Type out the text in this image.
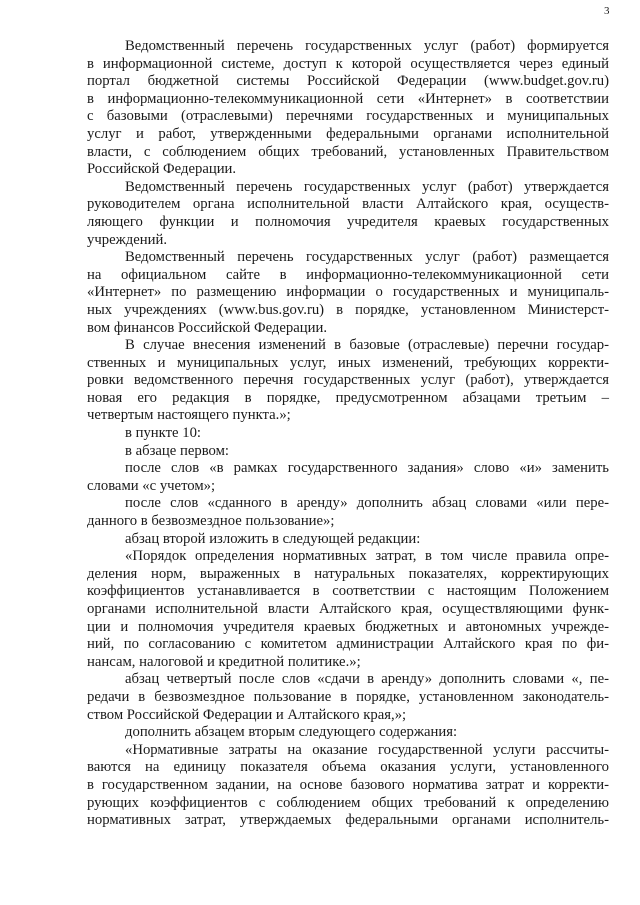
3
Ведомственный перечень государственных услуг (работ) формируется
в информационной системе, доступ к которой осуществляется через единый
портал бюджетной системы Российской Федерации (www.budget.gov.ru)
в информационно-телекоммуникационной сети «Интернет» в соответствии
с базовыми (отраслевыми) перечнями государственных и муниципальных
услуг и работ, утвержденными федеральными органами исполнительной
власти, с соблюдением общих требований, установленных Правительством
Российской Федерации.
Ведомственный перечень государственных услуг (работ) утверждается
руководителем органа исполнительной власти Алтайского края, осуществ-
ляющего функции и полномочия учредителя краевых государственных
учреждений.
Ведомственный перечень государственных услуг (работ) размещается
на официальном сайте в информационно-телекоммуникационной сети
«Интернет» по размещению информации о государственных и муниципаль-
ных учреждениях (www.bus.gov.ru) в порядке, установленном Министерст-
вом финансов Российской Федерации.
В случае внесения изменений в базовые (отраслевые) перечни государ-
ственных и муниципальных услуг, иных изменений, требующих корректи-
ровки ведомственного перечня государственных услуг (работ), утверждается
новая его редакция в порядке, предусмотренном абзацами третьим –
четвертым настоящего пункта.»;
в пункте 10:
в абзаце первом:
после слов «в рамках государственного задания» слово «и» заменить
словами «с учетом»;
после слов «сданного в аренду» дополнить абзац словами «или пере-
данного в безвозмездное пользование»;
абзац второй изложить в следующей редакции:
«Порядок определения нормативных затрат, в том числе правила опре-
деления норм, выраженных в натуральных показателях, корректирующих
коэффициентов устанавливается в соответствии с настоящим Положением
органами исполнительной власти Алтайского края, осуществляющими функ-
ции и полномочия учредителя краевых бюджетных и автономных учрежде-
ний, по согласованию с комитетом администрации Алтайского края по фи-
нансам, налоговой и кредитной политике.»;
абзац четвертый после слов «сдачи в аренду» дополнить словами «, пе-
редачи в безвозмездное пользование в порядке, установленном законодатель-
ством Российской Федерации и Алтайского края,»;
дополнить абзацем вторым следующего содержания:
«Нормативные затраты на оказание государственной услуги рассчиты-
ваются на единицу показателя объема оказания услуги, установленного
в государственном задании, на основе базового норматива затрат и корректи-
рующих коэффициентов с соблюдением общих требований к определению
нормативных затрат, утверждаемых федеральными органами исполнитель-
